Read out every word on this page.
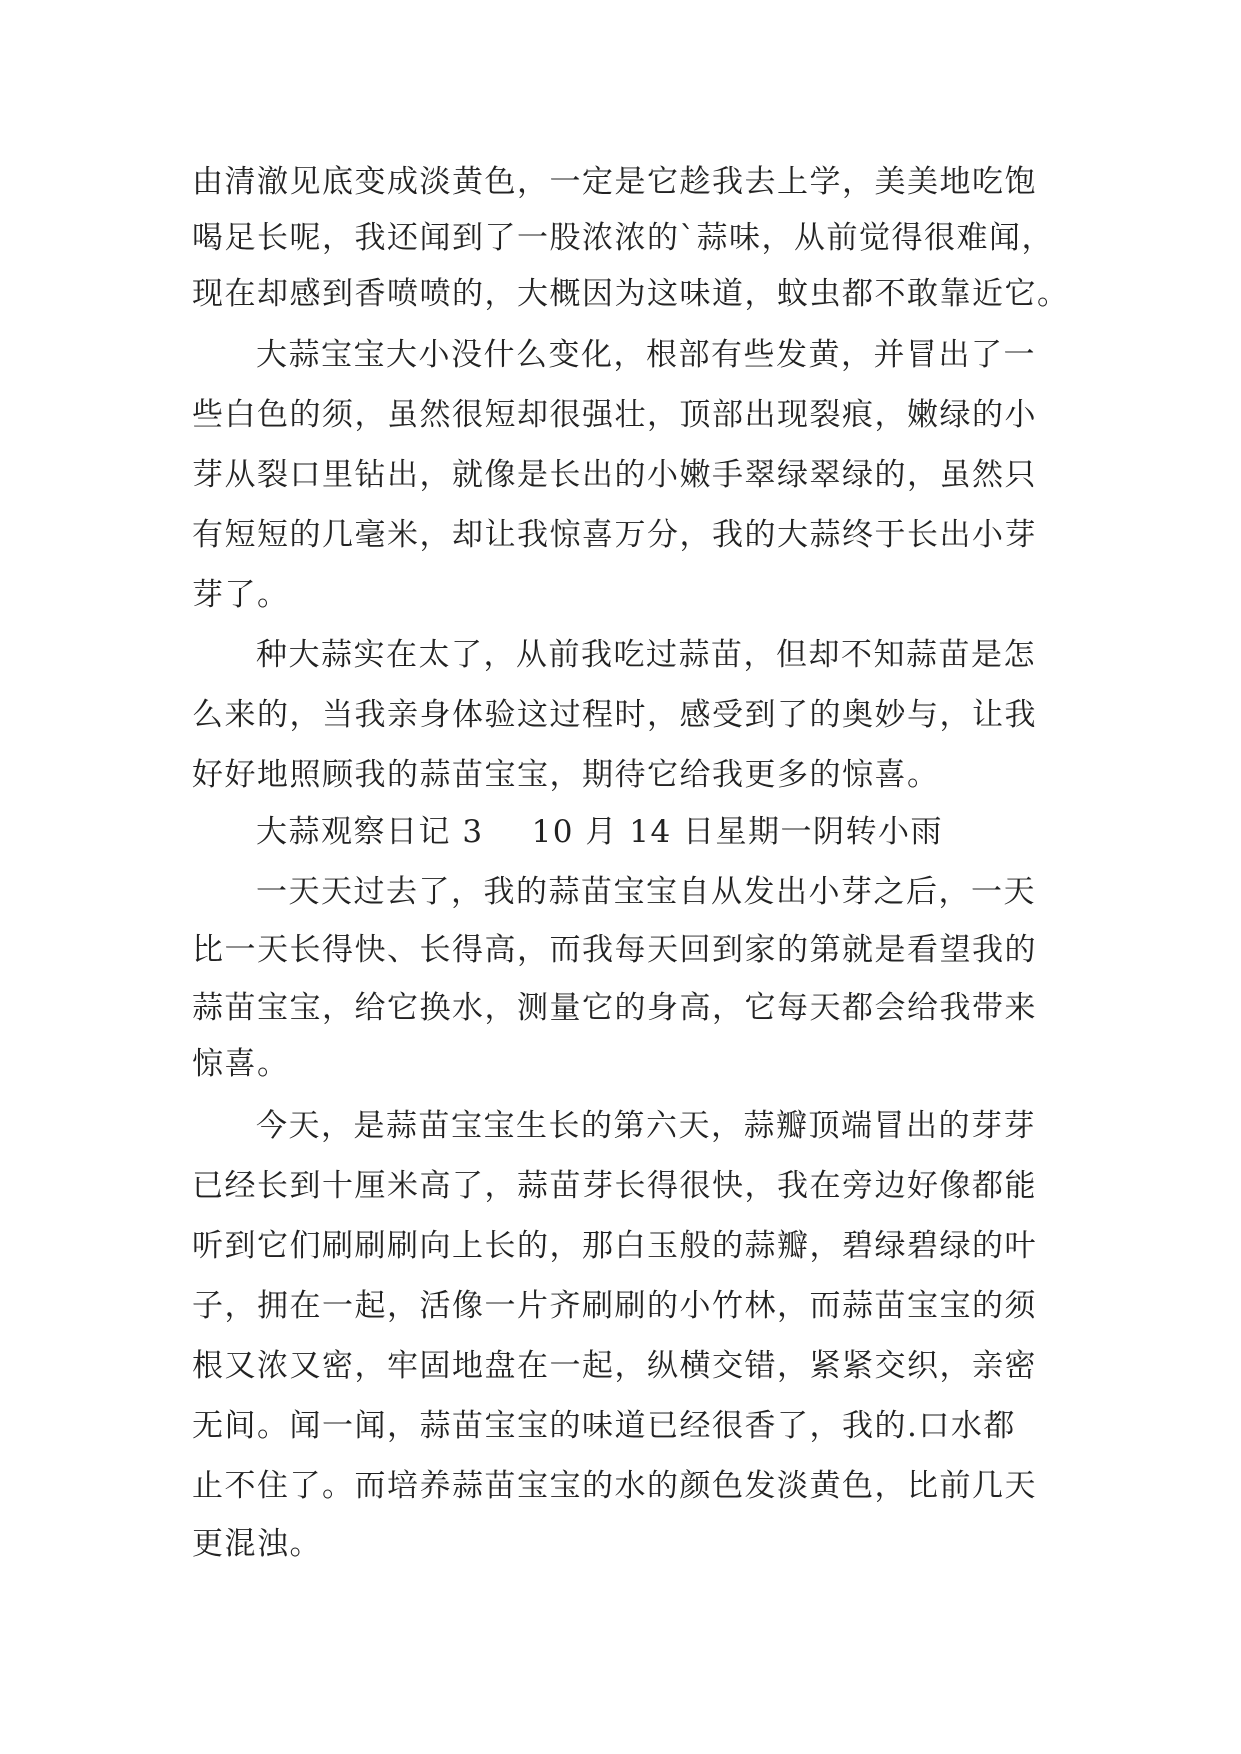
由清澈见底变成淡黄色，一定是它趁我去上学，美美地吃饱
喝足长呢，我还闻到了一股浓浓的`蒜味，从前觉得很难闻，
现在却感到香喷喷的，大概因为这味道，蚊虫都不敢靠近它。
大蒜宝宝大小没什么变化，根部有些发黄，并冒出了一
些白色的须，虽然很短却很强壮，顶部出现裂痕，嫩绿的小
芽从裂口里钻出，就像是长出的小嫩手翠绿翠绿的，虽然只
有短短的几毫米，却让我惊喜万分，我的大蒜终于长出小芽
芽了。
种大蒜实在太了，从前我吃过蒜苗，但却不知蒜苗是怎
么来的，当我亲身体验这过程时，感受到了的奥妙与，让我
好好地照顾我的蒜苗宝宝，期待它给我更多的惊喜。
大蒜观察日记 3 10 月 14 日星期一阴转小雨
一天天过去了，我的蒜苗宝宝自从发出小芽之后，一天
比一天长得快、长得高，而我每天回到家的第就是看望我的
蒜苗宝宝，给它换水，测量它的身高，它每天都会给我带来
惊喜。
今天，是蒜苗宝宝生长的第六天，蒜瓣顶端冒出的芽芽
已经长到十厘米高了，蒜苗芽长得很快，我在旁边好像都能
听到它们刷刷刷向上长的，那白玉般的蒜瓣，碧绿碧绿的叶
子，拥在一起，活像一片齐刷刷的小竹林，而蒜苗宝宝的须
根又浓又密，牢固地盘在一起，纵横交错，紧紧交织，亲密
无间。闻一闻，蒜苗宝宝的味道已经很香了，我的.口水都
止不住了。而培养蒜苗宝宝的水的颜色发淡黄色，比前几天
更混浊。
